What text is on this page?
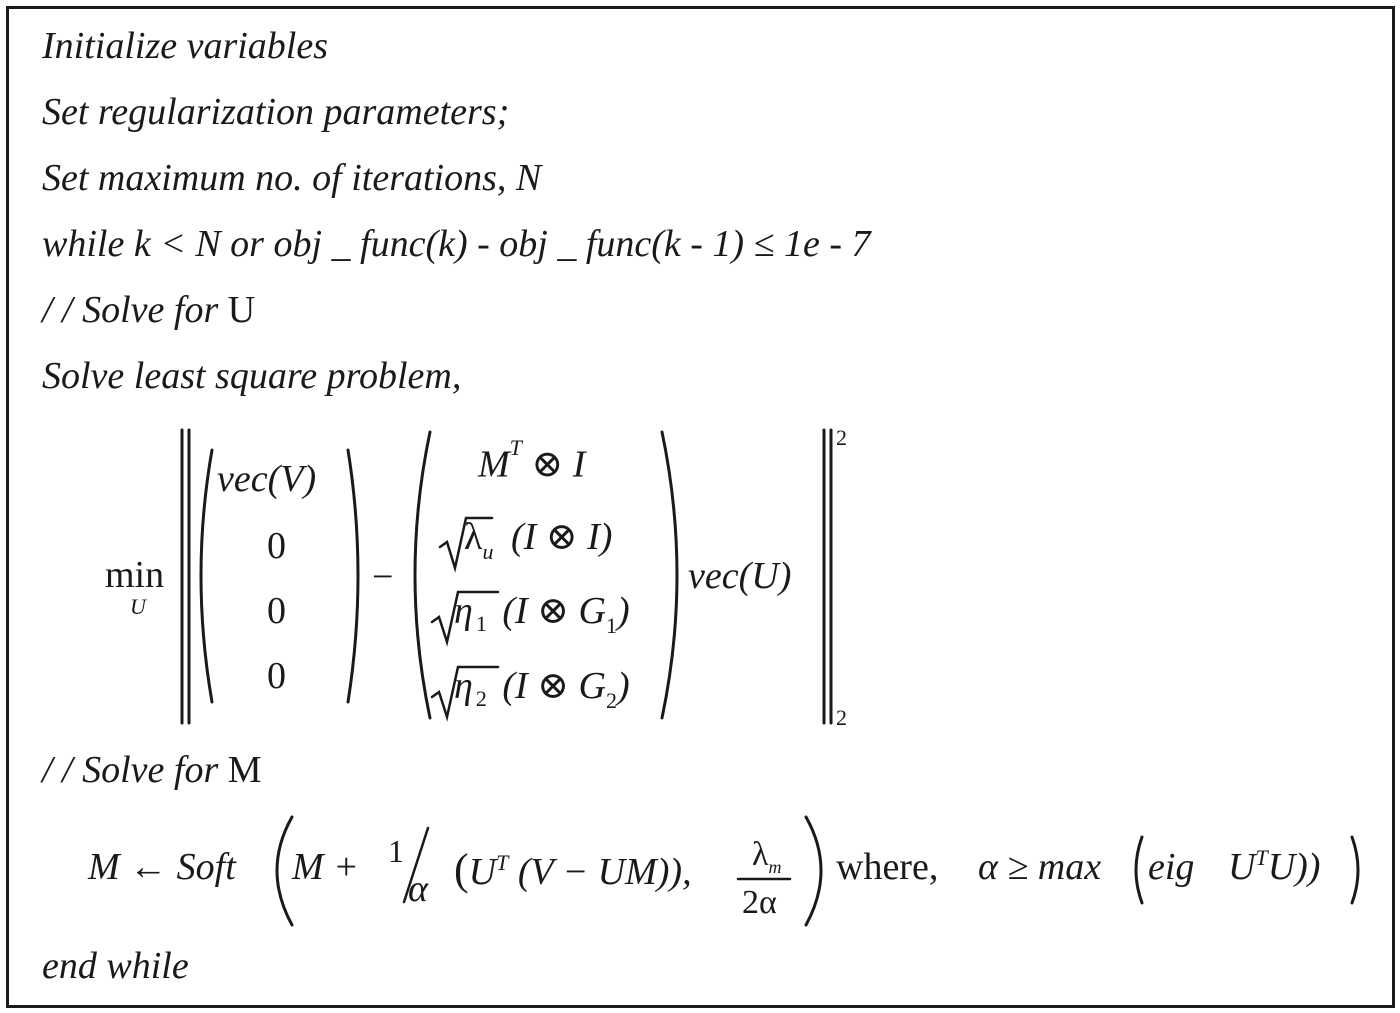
Initialize variables
Set regularization parameters;
Set maximum no. of iterations, N
while k < N or obj _ func(k) - obj _ func(k - 1) ≤ 1e - 7
/ / Solve for U
Solve least square problem,
min
U
vec(V)
0
0
0
−
$M^T$ ⊗ I
$\lambda_u$ (I ⊗ I)
η $_1$ (I ⊗ $G_1$)
η $_2$ (I ⊗ $G_2$)
vec(U)
2
2
/ / Solve for M
M ← Soft M + 1
α ($U^T$ (V − UM)), $\lambda_m$
2α
where, α ≥ max eig $U^TU$))
end while
